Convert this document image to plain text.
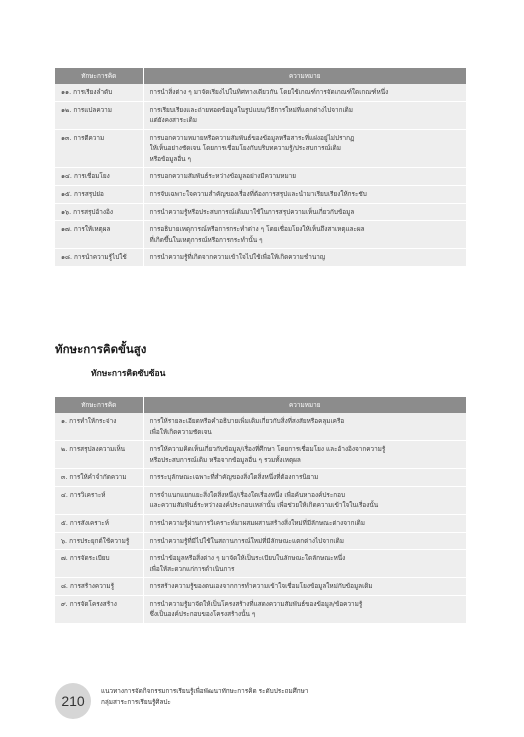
ทักษะการคิด	ความหมาย
๑๑. การเรียงลำดับ	การนำสิ่งต่าง ๆ มาจัดเรียงไปในทิศทางเดียวกัน โดยใช้เกณฑ์การจัดเกณฑ์ใดเกณฑ์หนึ่ง

๑๒. การแปลความ	การเรียบเรียงและถ่ายทอดข้อมูลในรูปแบบ/วิธีการใหม่ที่แตกต่างไปจากเดิม
แต่ยังคงสาระเดิม

๑๓. การตีความ	การบอกความหมายหรือความสัมพันธ์ของข้อมูลหรือสาระที่แฝงอยู่ไม่ปรากฏ
ให้เห็นอย่างชัดเจน โดยการเชื่อมโยงกับบริบทความรู้/ประสบการณ์เดิม
หรือข้อมูลอื่น ๆ

๑๔. การเชื่อมโยง	การบอกความสัมพันธ์ระหว่างข้อมูลอย่างมีความหมาย

๑๕. การสรุปย่อ	การจับเฉพาะใจความสำคัญของเรื่องที่ต้องการสรุปและนำมาเรียบเรียงให้กระชับ

๑๖. การสรุปอ้างอิง	การนำความรู้หรือประสบการณ์เดิมมาใช้ในการสรุปความเห็นเกี่ยวกับข้อมูล

๑๗. การให้เหตุผล	การอธิบายเหตุการณ์หรือการกระทำต่าง ๆ โดยเชื่อมโยงให้เห็นถึงสาเหตุและผล
ที่เกิดขึ้นในเหตุการณ์หรือการกระทำนั้น ๆ

๑๘. การนำความรู้ไปใช้	การนำความรู้ที่เกิดจากความเข้าใจไปใช้เพื่อให้เกิดความชำนาญ
ทักษะการคิดขั้นสูง
ทักษะการคิดซับซ้อน
ทักษะการคิด	ความหมาย
๑. การทำให้กระจ่าง	การให้รายละเอียดหรือคำอธิบายเพิ่มเติมเกี่ยวกับสิ่งที่สงสัยหรือคลุมเครือ
เพื่อให้เกิดความชัดเจน

๒. การสรุปลงความเห็น	การให้ความคิดเห็นเกี่ยวกับข้อมูล/เรื่องที่ศึกษา โดยการเชื่อมโยง และอ้างอิงจากความรู้
หรือประสบการณ์เดิม หรือจากข้อมูลอื่น ๆ รวมทั้งเหตุผล

๓. การให้คำจำกัดความ	การระบุลักษณะเฉพาะที่สำคัญของสิ่งใดสิ่งหนึ่งที่ต้องการนิยาม

๔. การวิเคราะห์	การจำแนกแยกแยะสิ่งใดสิ่งหนึ่ง/เรื่องใดเรื่องหนึ่ง เพื่อค้นหาองค์ประกอบ
และความสัมพันธ์ระหว่างองค์ประกอบเหล่านั้น เพื่อช่วยให้เกิดความเข้าใจในเรื่องนั้น

๕. การสังเคราะห์	การนำความรู้ผ่านการวิเคราะห์มาผสมผสานสร้างสิ่งใหม่ที่มีลักษณะต่างจากเดิม

๖. การประยุกต์ใช้ความรู้	การนำความรู้ที่มีไปใช้ในสถานการณ์ใหม่ที่มีลักษณะแตกต่างไปจากเดิม

๗. การจัดระเบียบ	การนำข้อมูลหรือสิ่งต่าง ๆ มาจัดให้เป็นระเบียบในลักษณะใดลักษณะหนึ่ง
เพื่อให้สะดวกแก่การดำเนินการ

๘. การสร้างความรู้	การสร้างความรู้ของตนเองจากการทำความเข้าใจเชื่อมโยงข้อมูลใหม่กับข้อมูลเดิม

๙. การจัดโครงสร้าง	การนำความรู้มาจัดให้เป็นโครงสร้างที่แสดงความสัมพันธ์ของข้อมูล/ข้อความรู้
ซึ่งเป็นองค์ประกอบของโครงสร้างนั้น ๆ
210
แนวทางการจัดกิจกรรมการเรียนรู้เพื่อพัฒนาทักษะการคิด ระดับประถมศึกษา
กลุ่มสาระการเรียนรู้ศิลปะ
